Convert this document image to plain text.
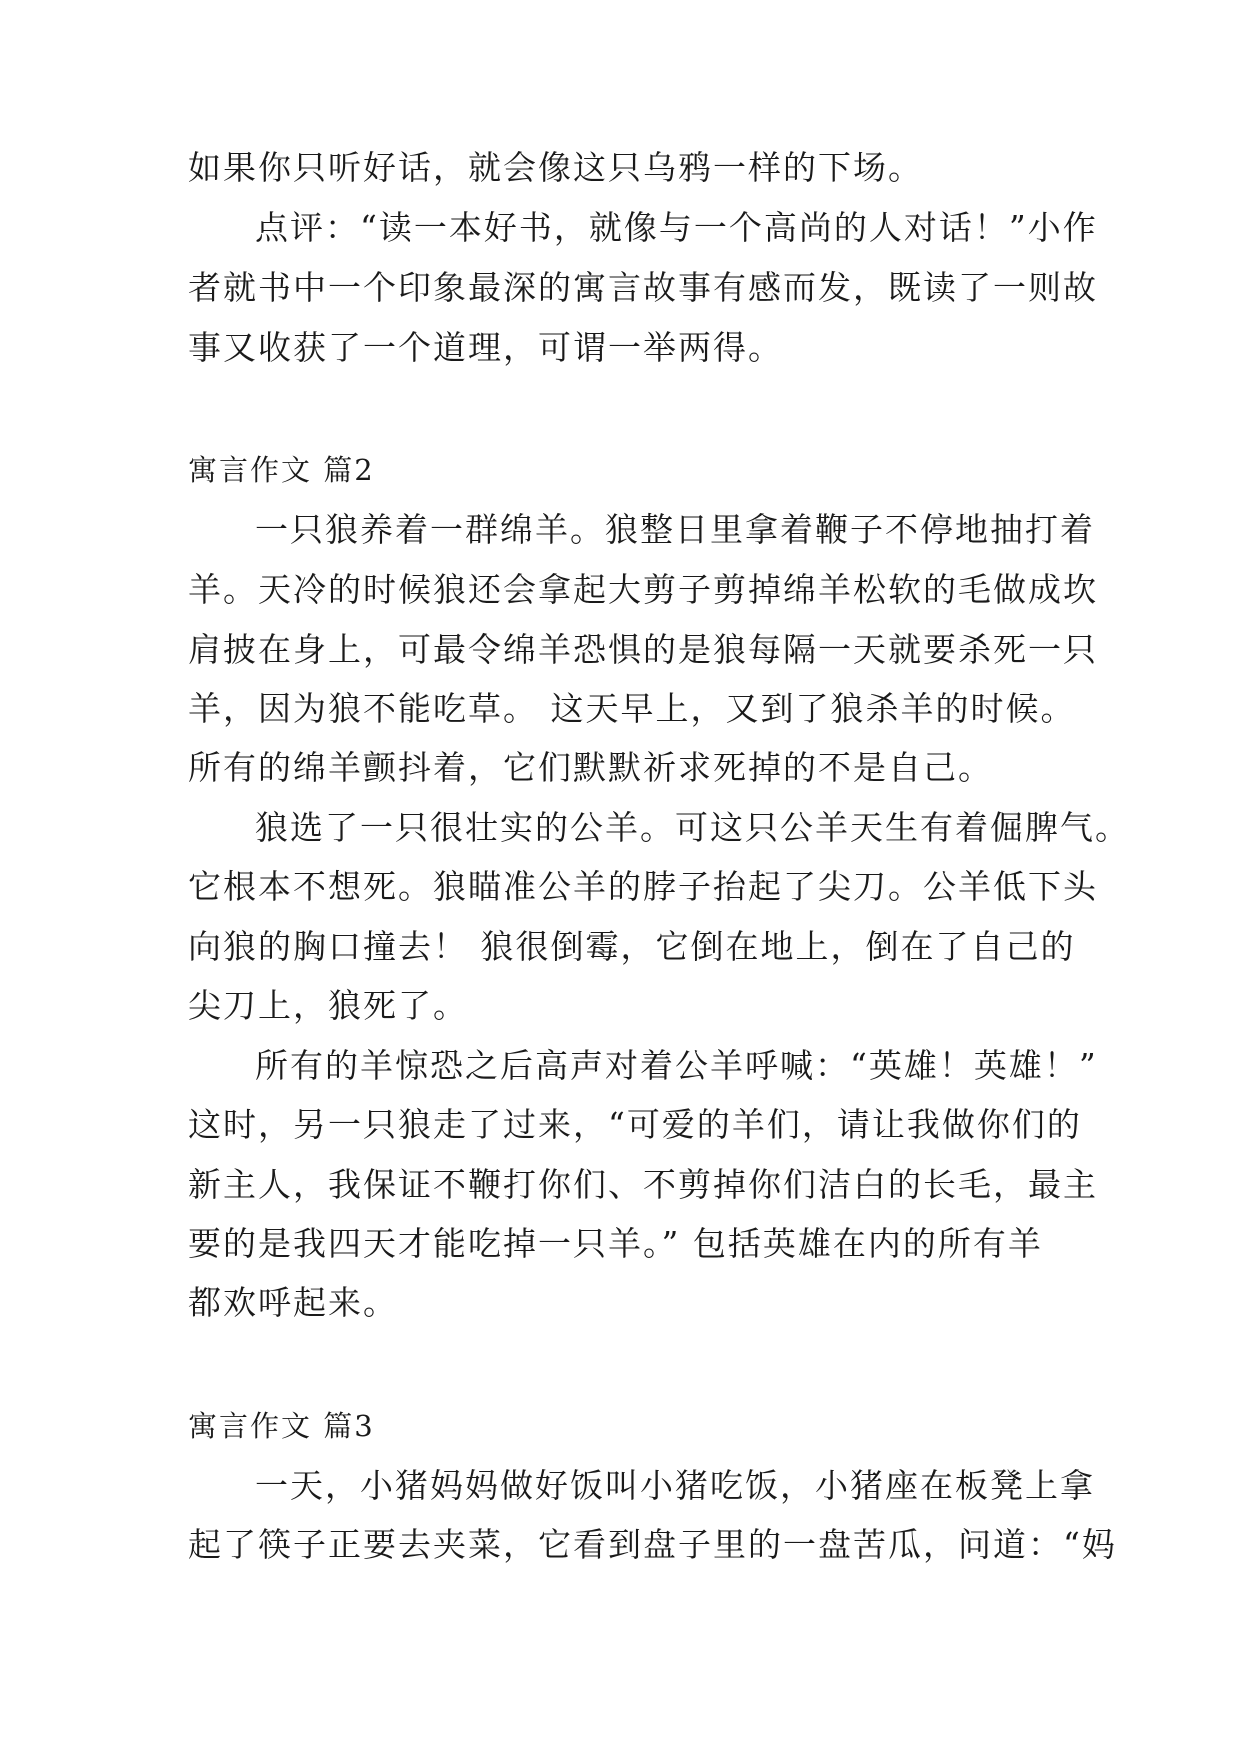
如果你只听好话，就会像这只乌鸦一样的下场。
点评：“读一本好书，就像与一个高尚的人对话！”小作
者就书中一个印象最深的寓言故事有感而发，既读了一则故
事又收获了一个道理，可谓一举两得。
寓言作文 篇2
一只狼养着一群绵羊。狼整日里拿着鞭子不停地抽打着
羊。天冷的时候狼还会拿起大剪子剪掉绵羊松软的毛做成坎
肩披在身上，可最令绵羊恐惧的是狼每隔一天就要杀死一只
羊，因为狼不能吃草。 这天早上，又到了狼杀羊的时候。
所有的绵羊颤抖着，它们默默祈求死掉的不是自己。
狼选了一只很壮实的公羊。可这只公羊天生有着倔脾气。
它根本不想死。狼瞄准公羊的脖子抬起了尖刀。公羊低下头
向狼的胸口撞去！ 狼很倒霉，它倒在地上，倒在了自己的
尖刀上，狼死了。
所有的羊惊恐之后高声对着公羊呼喊：“英雄！英雄！”
这时，另一只狼走了过来，“可爱的羊们，请让我做你们的
新主人，我保证不鞭打你们、不剪掉你们洁白的长毛，最主
要的是我四天才能吃掉一只羊。” 包括英雄在内的所有羊
都欢呼起来。
寓言作文 篇3
一天，小猪妈妈做好饭叫小猪吃饭，小猪座在板凳上拿
起了筷子正要去夹菜，它看到盘子里的一盘苦瓜，问道：“妈
